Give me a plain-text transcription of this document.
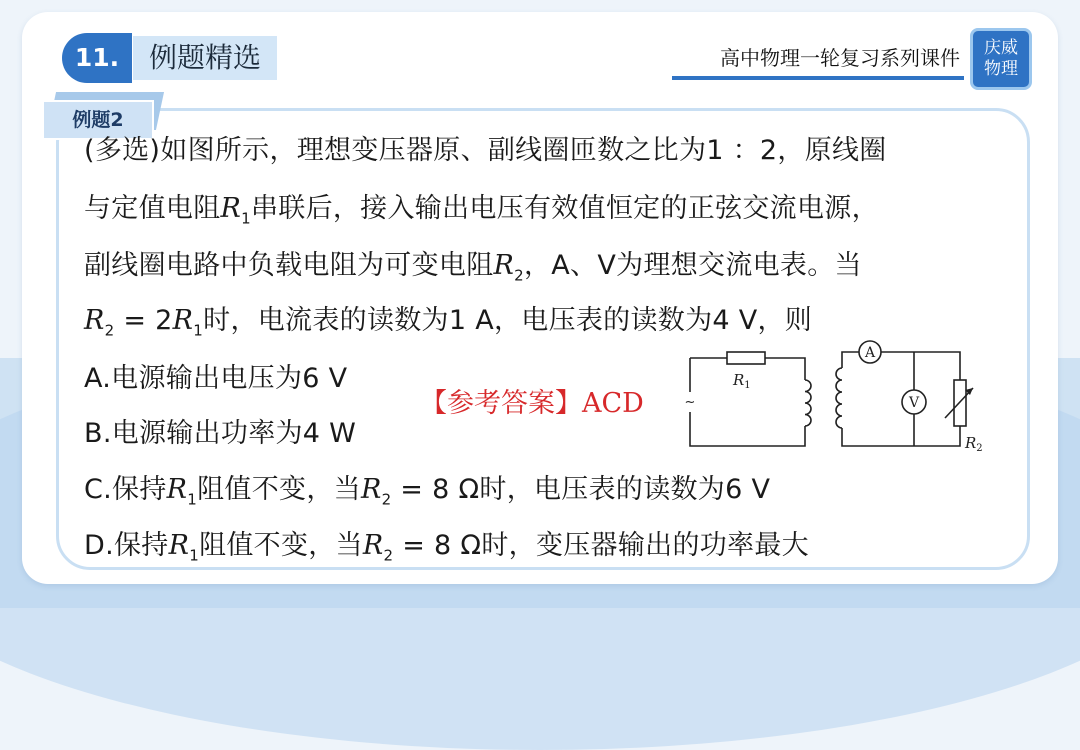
11.	例题精选	高中物理一轮复习系列课件 庆威
物理
例题2
(多选)如图所示，理想变压器原、副线圈匝数之比为1 ：2，原线圈
与定值电阻$R_1$串联后，接入输出电压有效值恒定的正弦交流电源，
副线圈电路中负载电阻为可变电阻$R_2$，A、V为理想交流电表。当
$R_2 = 2R_1$时，电流表的读数为1 A，电压表的读数为4 V，则
A.电源输出电压为6 V
B.电源输出功率为4 W
C.保持$R_1$阻值不变，当$R_2 = 8$ Ω时，电压表的读数为6 V
D.保持$R_1$阻值不变，当$R_2 = 8$ Ω时，变压器输出的功率最大
【参考答案】ACD	~
$R_1$
A
V
$R_2$
